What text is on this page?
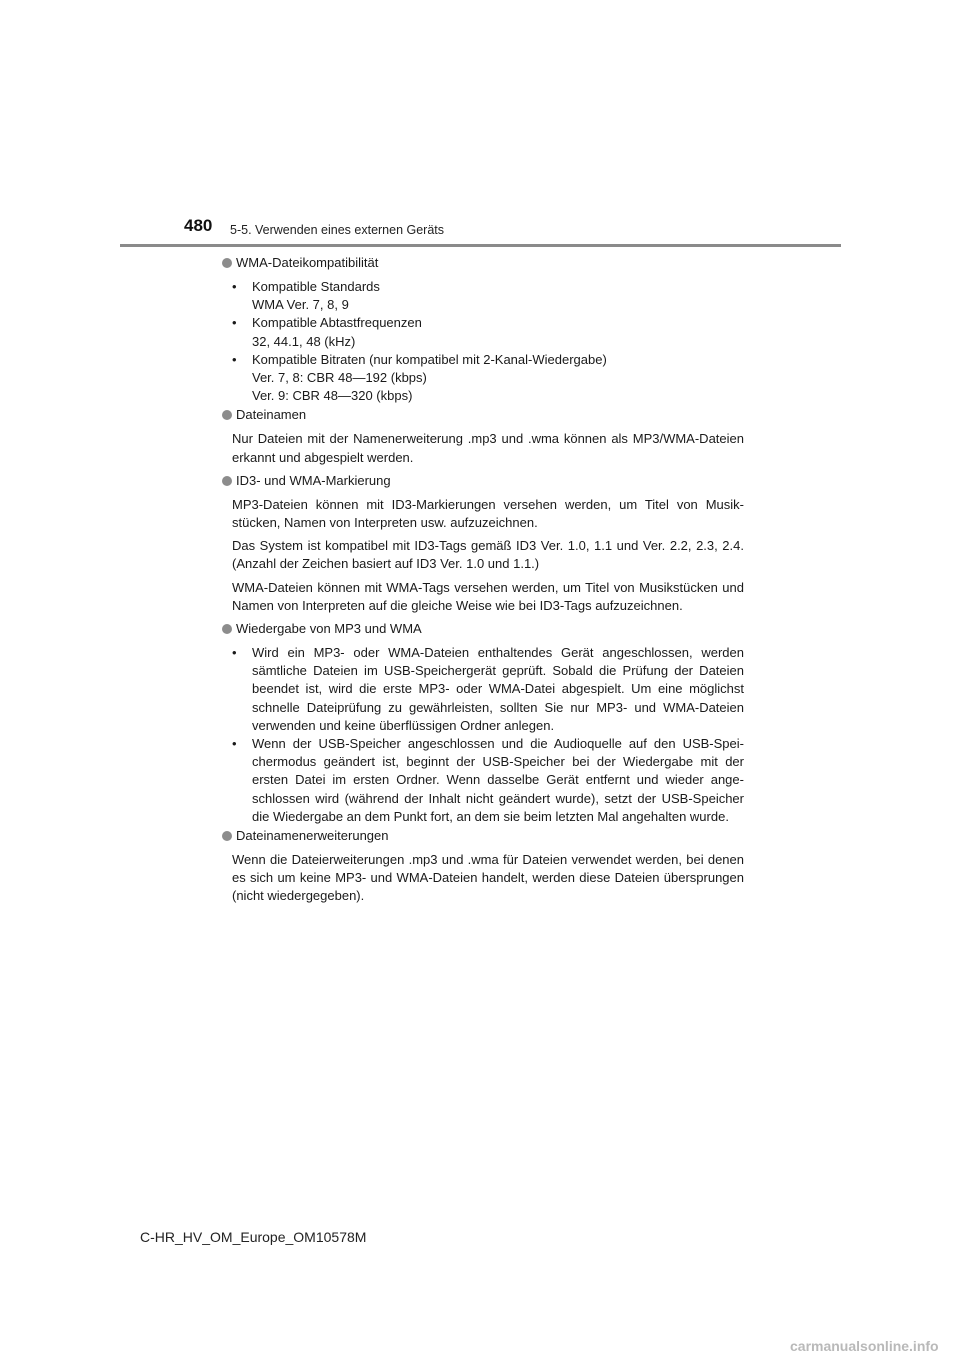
480 5-5. Verwenden eines externen Geräts
WMA-Dateikompatibilität
• Kompatible Standards
WMA Ver. 7, 8, 9
• Kompatible Abtastfrequenzen
32, 44.1, 48 (kHz)
• Kompatible Bitraten (nur kompatibel mit 2-Kanal-Wiedergabe)
Ver. 7, 8: CBR 48—192 (kbps)
Ver. 9: CBR 48—320 (kbps)
Dateinamen

Nur Dateien mit der Namenerweiterung .mp3 und .wma können als MP3/WMA-Dateien erkannt und abgespielt werden.

ID3- und WMA-Markierung

MP3-Dateien können mit ID3-Markierungen versehen werden, um Titel von Musikstücken, Namen von Interpreten usw. aufzuzeichnen.

Das System ist kompatibel mit ID3-Tags gemäß ID3 Ver. 1.0, 1.1 und Ver. 2.2, 2.3, 2.4. (Anzahl der Zeichen basiert auf ID3 Ver. 1.0 und 1.1.)

WMA-Dateien können mit WMA-Tags versehen werden, um Titel von Musikstücken und Namen von Interpreten auf die gleiche Weise wie bei ID3-Tags aufzuzeichnen.

Wiedergabe von MP3 und WMA
• Wird ein MP3- oder WMA-Dateien enthaltendes Gerät angeschlossen, werden sämtliche Dateien im USB-Speichergerät geprüft. Sobald die Prüfung der Dateien beendet ist, wird die erste MP3- oder WMA-Datei abgespielt. Um eine möglichst schnelle Dateiprüfung zu gewährleisten, sollten Sie nur MP3- und WMA-Dateien verwenden und keine überflüssigen Ordner anlegen.
• Wenn der USB-Speicher angeschlossen und die Audioquelle auf den USB-Speichermodus geändert ist, beginnt der USB-Speicher bei der Wiedergabe mit der ersten Datei im ersten Ordner. Wenn dasselbe Gerät entfernt und wieder angeschlossen wird (während der Inhalt nicht geändert wurde), setzt der USB-Speicher die Wiedergabe an dem Punkt fort, an dem sie beim letzten Mal angehalten wurde.
Dateinamenerweiterungen

Wenn die Dateierweiterungen .mp3 und .wma für Dateien verwendet werden, bei denen es sich um keine MP3- und WMA-Dateien handelt, werden diese Dateien übersprungen (nicht wiedergegeben).

C-HR_HV_OM_Europe_OM10578M
carmanualsonline.info
